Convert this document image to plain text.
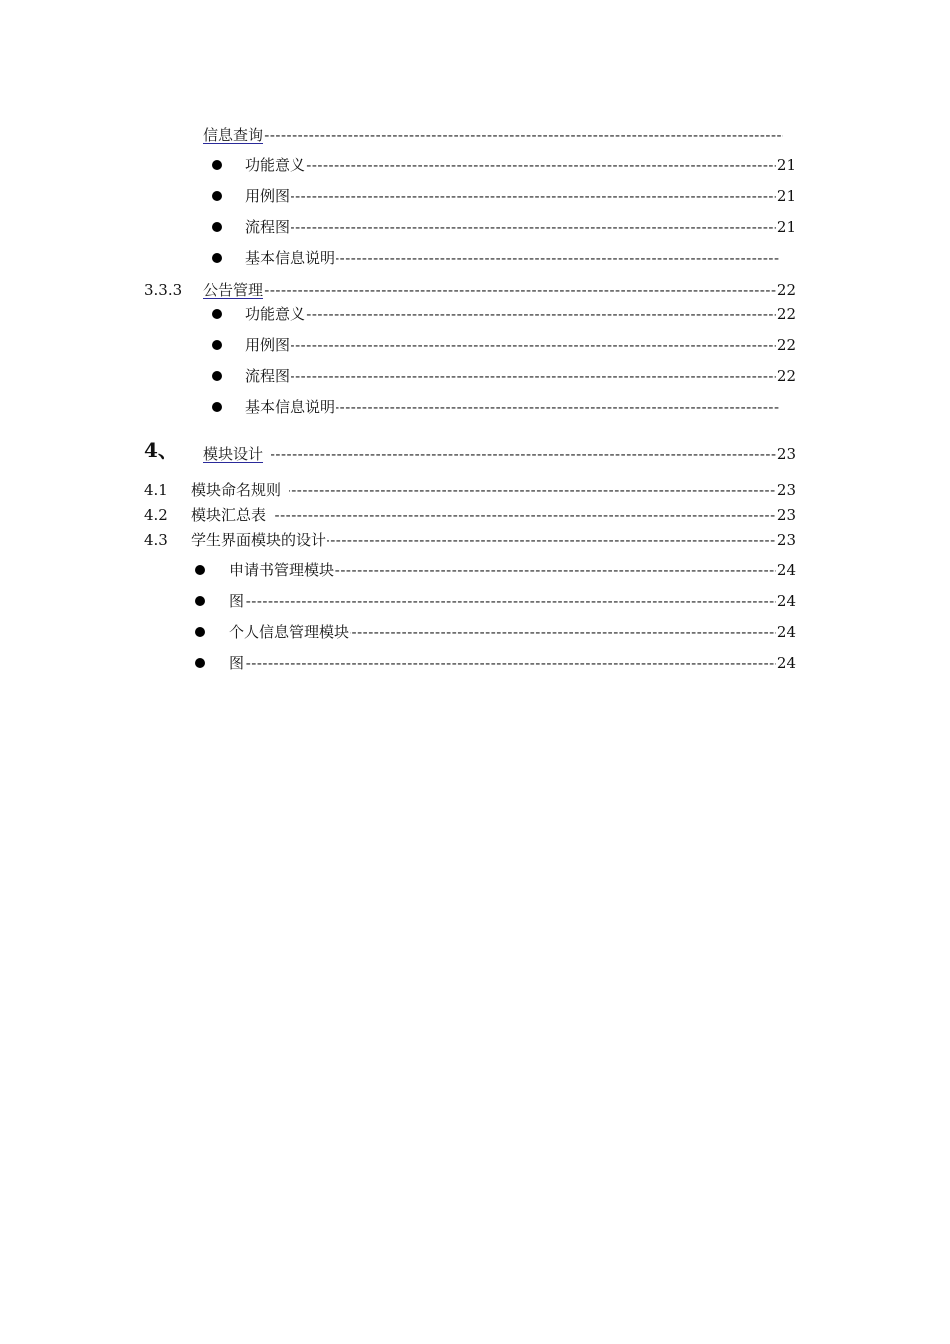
-----
信息查询
-----
功能意义	21
-----
用例图	21
-----
流程图	21
-----
基本信息说明
3.3.3 ----- 公告管理	22
-----
功能意义	22
-----
用例图	22
-----
流程图	22
-----
基本信息说明
4、 ----- 模块设计	23
4.1 ----- 模块命名规则	23
4.2 ----- 模块汇总表	23
4.3 ----- 学生界面模块的设计	23
-----
申请书管理模块	24
-----
图	24
-----
个人信息管理模块	24
-----
图	24
